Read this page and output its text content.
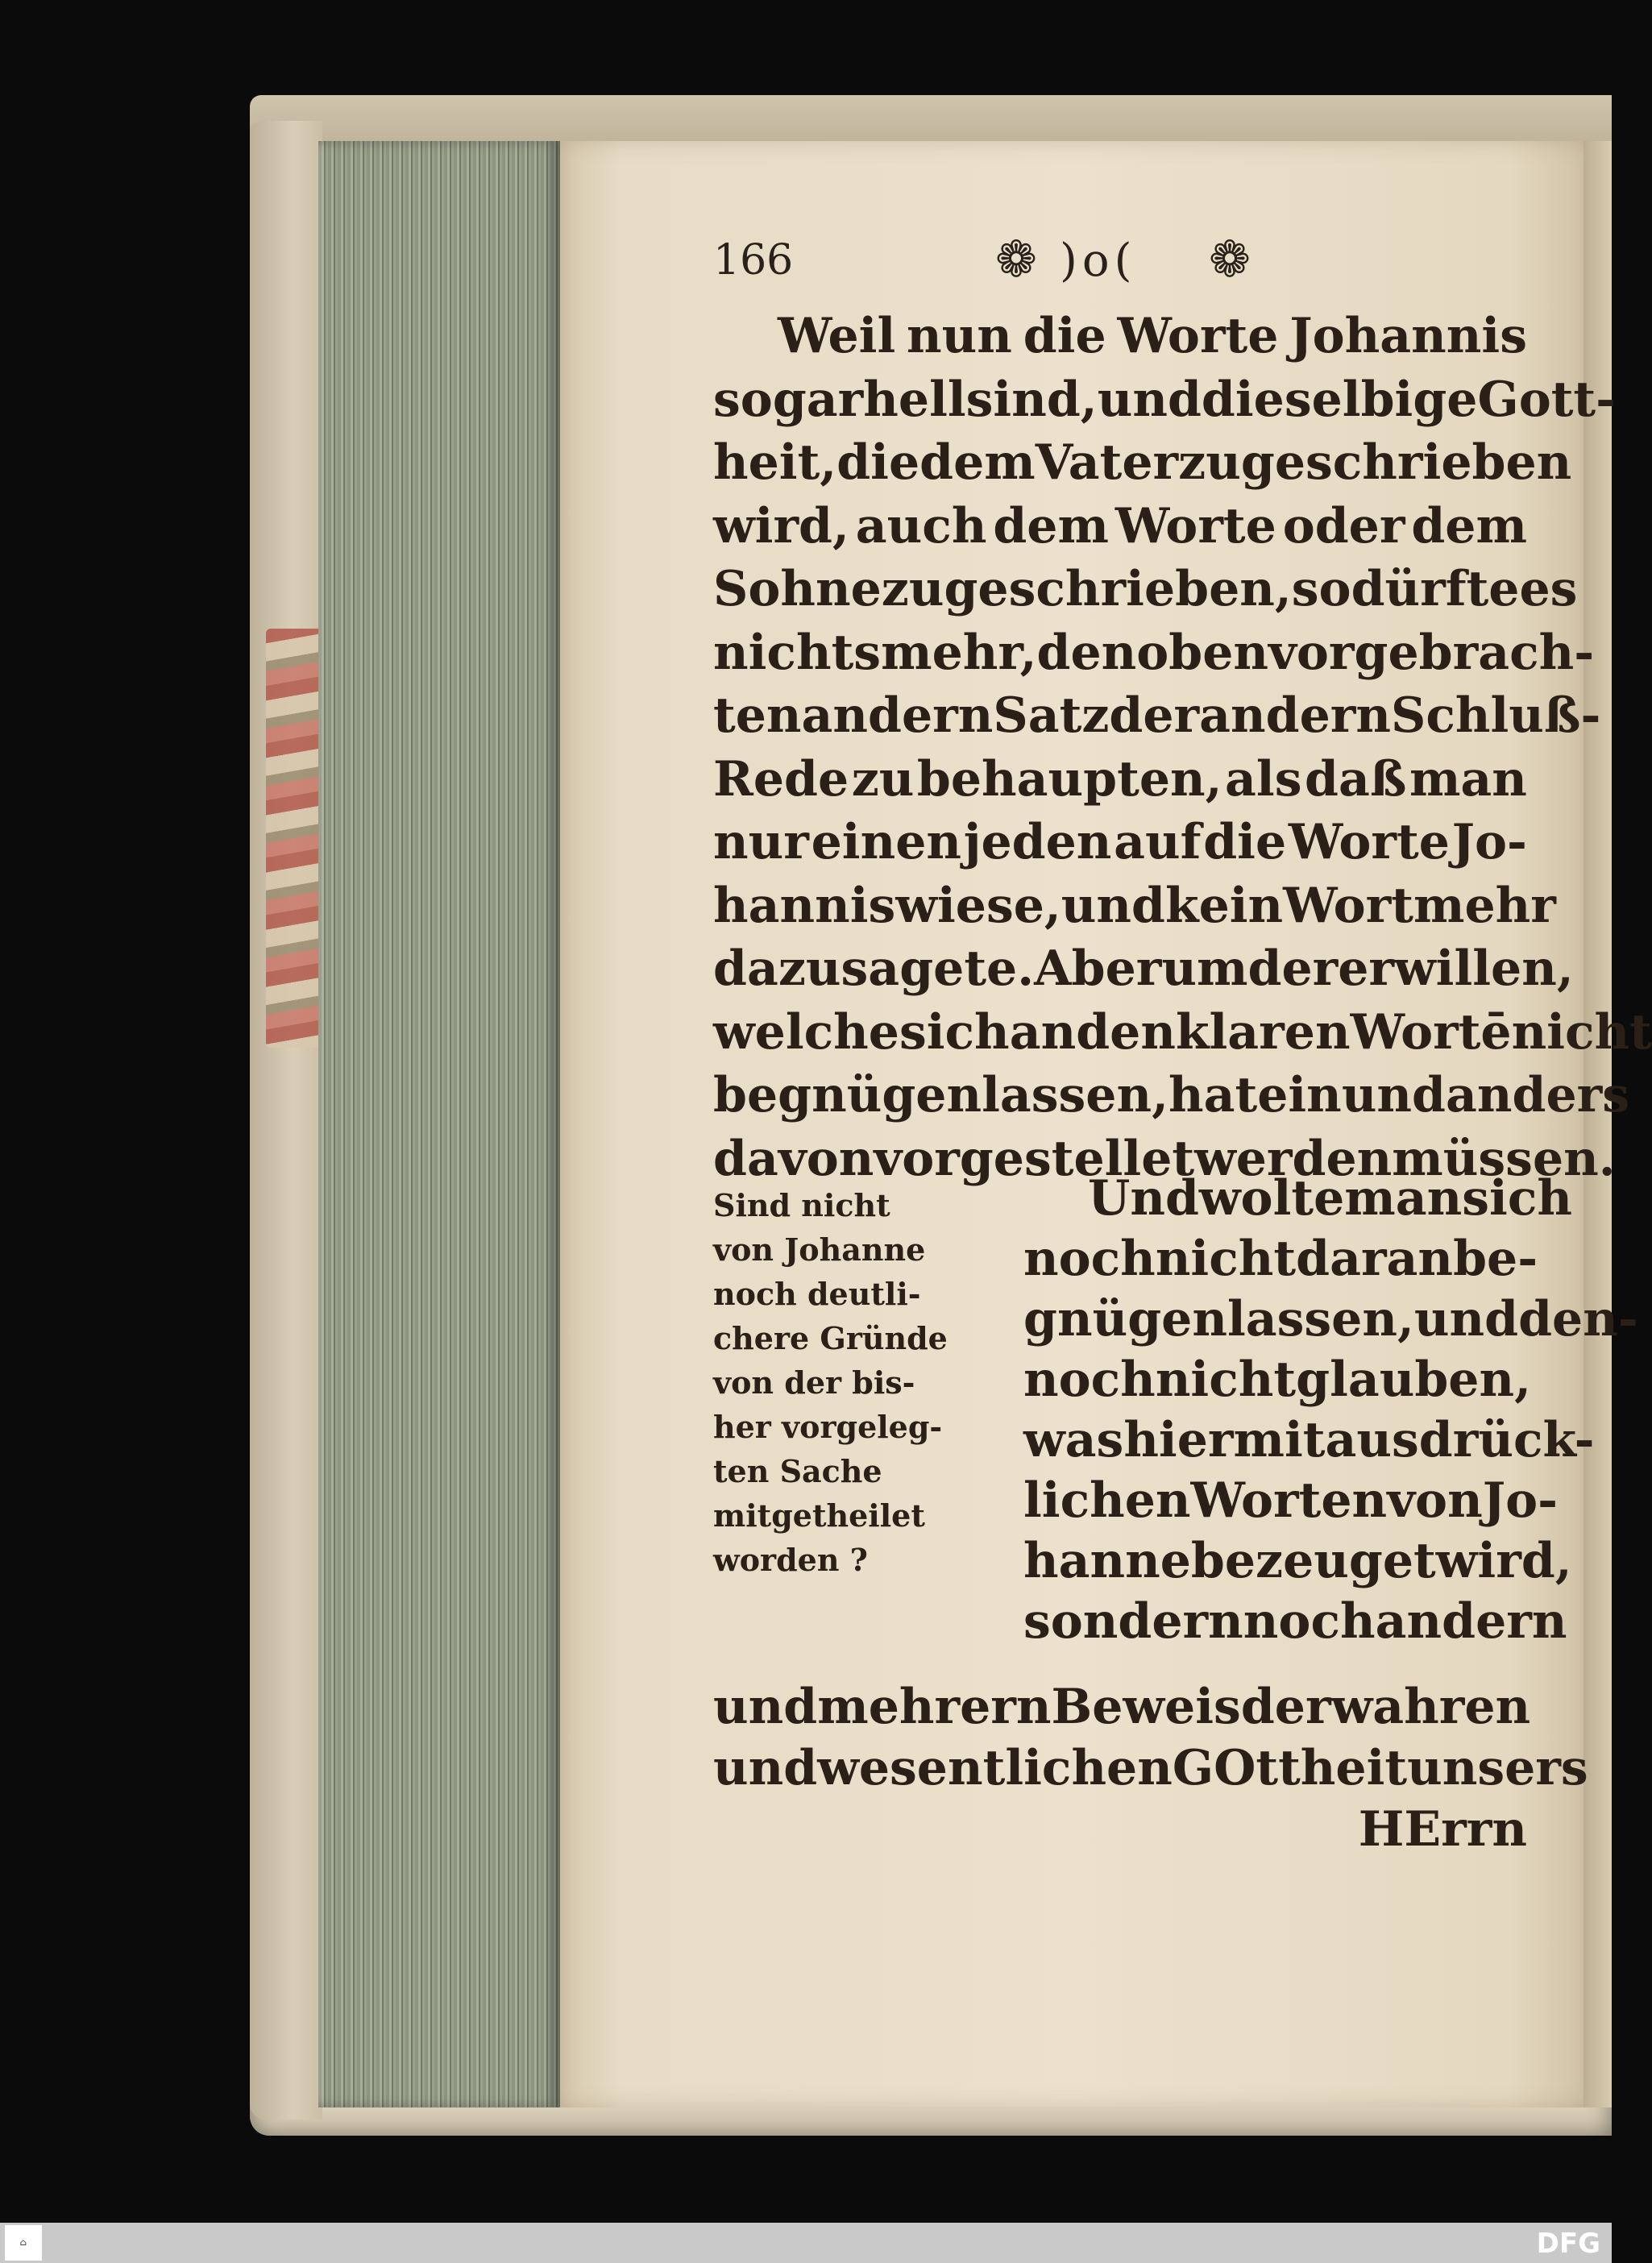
166	❁ )o( ❁
Weil nun die Worte Johannis
so gar hell sind, und dieselbige Gott-
heit, die dem Vater zugeschrieben
wird, auch dem Worte oder dem
Sohne zugeschrieben, so dürfte es
nichts mehr, den oben vorgebrach-
ten andern Satz der andern Schluß-
Rede zu behaupten, als daß man
nur einen jeden auf die Worte Jo-
hannis wiese, und kein Wort mehr
dazu sagete. Aber um derer willen,
welche sich an den klaren Wortē nicht
begnügen lassen, hat ein und anders
davon vorgestellet werden müssen.
Sind nicht
von Johanne
noch deutli-
chere Gründe
von der bis-
her vorgeleg-
ten Sache
mitgetheilet
worden ?
Und wolte man sich
noch nicht daran be-
gnügen lassen, und den-
noch nicht glauben,
was hier mit ausdrück-
lichen Worten von Jo-
hanne bezeuget wird,
sondern noch andern
und mehrern Beweis der wahren
und wesentlichen GOttheit unsers
HErrn
⌂	DFG
